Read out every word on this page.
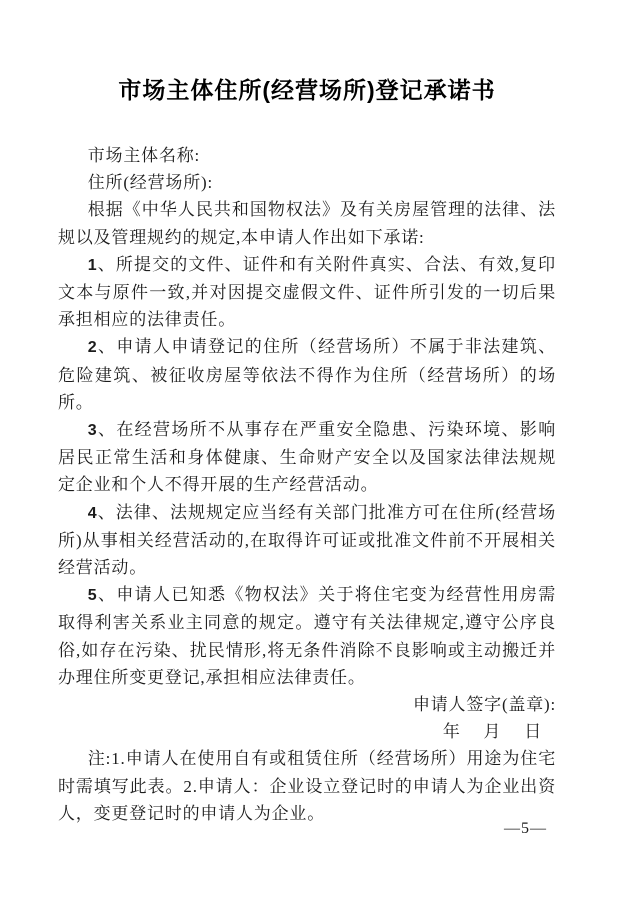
市场主体住所(经营场所)登记承诺书

市场主体名称:

住所(经营场所):

根据《中华人民共和国物权法》及有关房屋管理的法律、法规以及管理规约的规定,本申请人作出如下承诺:

1、所提交的文件、证件和有关附件真实、合法、有效,复印文本与原件一致,并对因提交虚假文件、证件所引发的一切后果承担相应的法律责任。

2、申请人申请登记的住所（经营场所）不属于非法建筑、危险建筑、被征收房屋等依法不得作为住所（经营场所）的场所。

3、在经营场所不从事存在严重安全隐患、污染环境、影响居民正常生活和身体健康、生命财产安全以及国家法律法规规定企业和个人不得开展的生产经营活动。

4、法律、法规规定应当经有关部门批准方可在住所(经营场所)从事相关经营活动的,在取得许可证或批准文件前不开展相关经营活动。

5、申请人已知悉《物权法》关于将住宅变为经营性用房需取得利害关系业主同意的规定。遵守有关法律规定,遵守公序良俗,如存在污染、扰民情形,将无条件消除不良影响或主动搬迁并办理住所变更登记,承担相应法律责任。

申请人签字(盖章):

年　 月　 日

注:1.申请人在使用自有或租赁住所（经营场所）用途为住宅时需填写此表。2.申请人：企业设立登记时的申请人为企业出资人，变更登记时的申请人为企业。

—5—
